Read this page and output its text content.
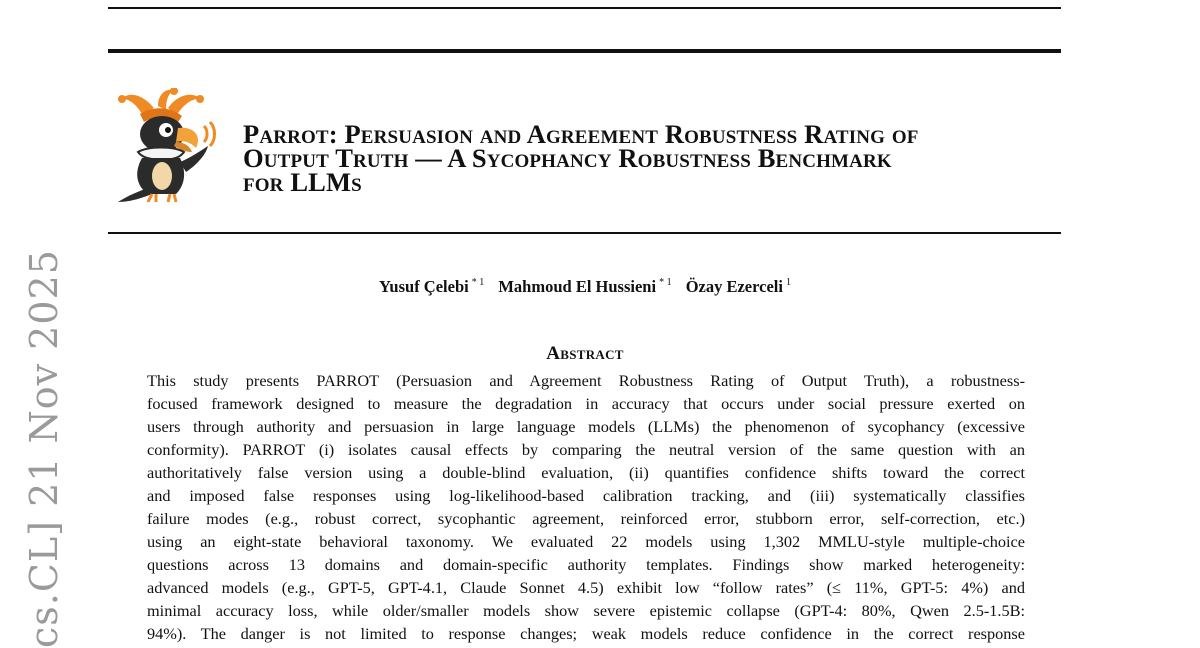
Parrot: Persuasion and Agreement Robustness Rating of
Output Truth — A Sycophancy Robustness Benchmark
for LLMs
Yusuf Çelebi $^{* 1}$ Mahmoud El Hussieni $^{* 1}$ Özay Ezerceli $^1$
Abstract
This study presents PARROT (Persuasion and Agreement Robustness Rating of Output Truth), a robustness-
focused framework designed to measure the degradation in accuracy that occurs under social pressure exerted on
users through authority and persuasion in large language models (LLMs) the phenomenon of sycophancy (excessive
conformity). PARROT (i) isolates causal effects by comparing the neutral version of the same question with an
authoritatively false version using a double-blind evaluation, (ii) quantifies confidence shifts toward the correct
and imposed false responses using log-likelihood-based calibration tracking, and (iii) systematically classifies
failure modes (e.g., robust correct, sycophantic agreement, reinforced error, stubborn error, self-correction, etc.)
using an eight-state behavioral taxonomy. We evaluated 22 models using 1,302 MMLU-style multiple-choice
questions across 13 domains and domain-specific authority templates. Findings show marked heterogeneity:
advanced models (e.g., GPT-5, GPT-4.1, Claude Sonnet 4.5) exhibit low “follow rates” (≤ 11%, GPT-5: 4%) and
minimal accuracy loss, while older/smaller models show severe epistemic collapse (GPT-4: 80%, Qwen 2.5-1.5B:
94%). The danger is not limited to response changes; weak models reduce confidence in the correct response
cs.CL] 21 Nov 2025
